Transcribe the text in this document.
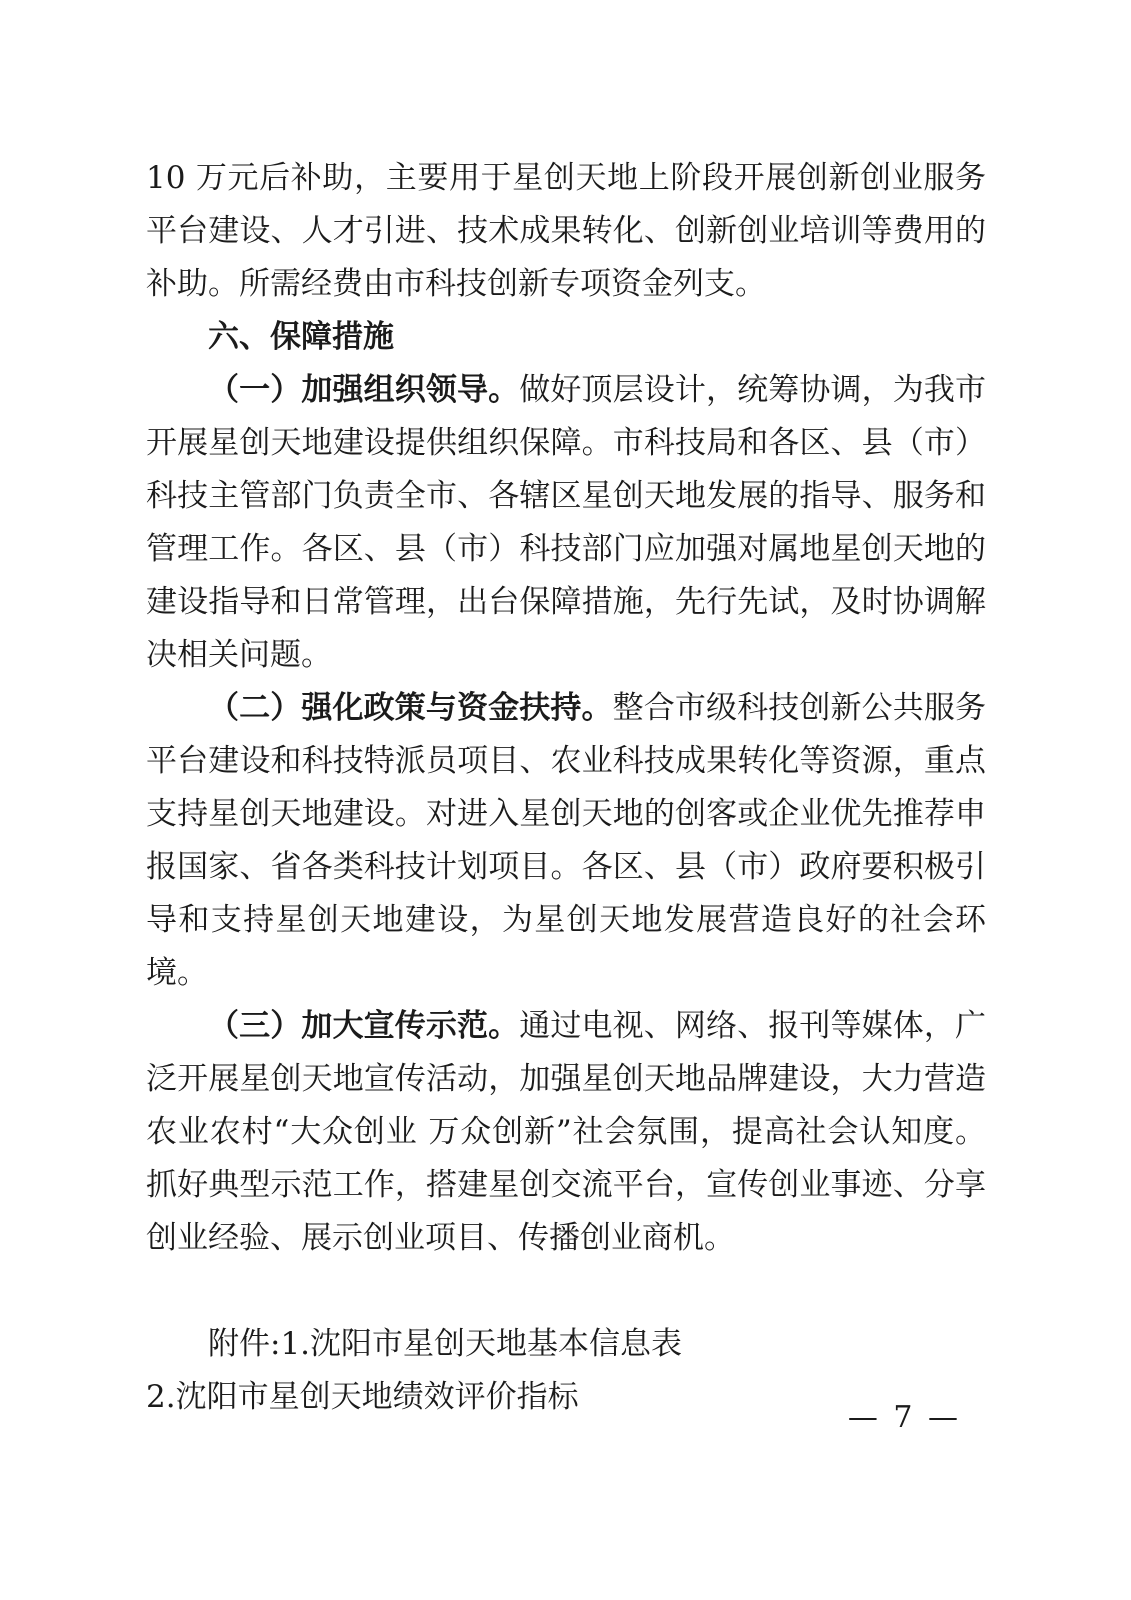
10 万元后补助，主要用于星创天地上阶段开展创新创业服务平台建设、人才引进、技术成果转化、创新创业培训等费用的补助。所需经费由市科技创新专项资金列支。

六、保障措施

（一）加强组织领导。做好顶层设计，统筹协调，为我市开展星创天地建设提供组织保障。市科技局和各区、县（市）科技主管部门负责全市、各辖区星创天地发展的指导、服务和管理工作。各区、县（市）科技部门应加强对属地星创天地的建设指导和日常管理，出台保障措施，先行先试，及时协调解决相关问题。

（二）强化政策与资金扶持。整合市级科技创新公共服务平台建设和科技特派员项目、农业科技成果转化等资源，重点支持星创天地建设。对进入星创天地的创客或企业优先推荐申报国家、省各类科技计划项目。各区、县（市）政府要积极引导和支持星创天地建设，为星创天地发展营造良好的社会环境。

（三）加大宣传示范。通过电视、网络、报刊等媒体，广泛开展星创天地宣传活动，加强星创天地品牌建设，大力营造农业农村“大众创业 万众创新”社会氛围，提高社会认知度。抓好典型示范工作，搭建星创交流平台，宣传创业事迹、分享创业经验、展示创业项目、传播创业商机。

附件:1.沈阳市星创天地基本信息表

2.沈阳市星创天地绩效评价指标

— 7 —
